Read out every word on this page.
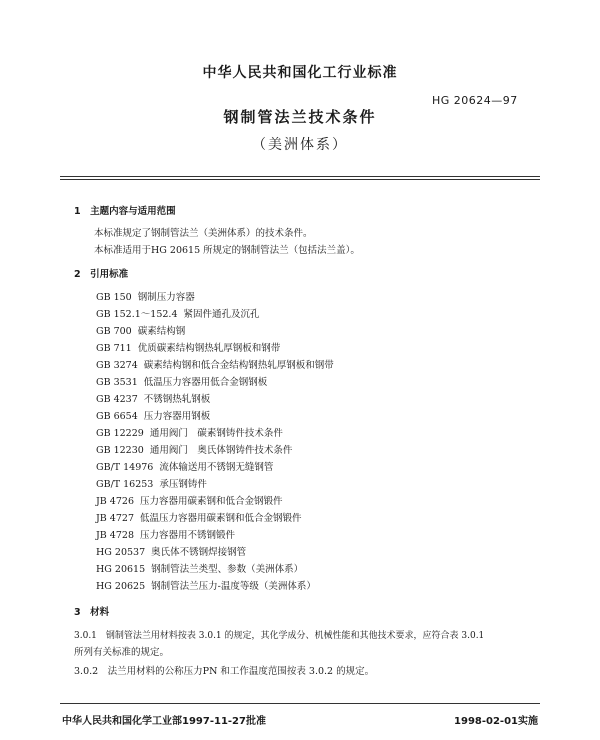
中华人民共和国化工行业标准
HG 20624—97
钢制管法兰技术条件
（美洲体系）
1　主题内容与适用范围
本标准规定了钢制管法兰（美洲体系）的技术条件。
本标准适用于HG 20615 所规定的钢制管法兰（包括法兰盖）。
2　引用标准
GB 150 钢制压力容器
GB 152.1～152.4 紧固件通孔及沉孔
GB 700 碳素结构钢
GB 711 优质碳素结构钢热轧厚钢板和钢带
GB 3274 碳素结构钢和低合金结构钢热轧厚钢板和钢带
GB 3531 低温压力容器用低合金钢钢板
GB 4237 不锈钢热轧钢板
GB 6654 压力容器用钢板
GB 12229 通用阀门　碳素钢铸件技术条件
GB 12230 通用阀门　奥氏体钢铸件技术条件
GB/T 14976 流体输送用不锈钢无缝钢管
GB/T 16253 承压钢铸件
JB 4726 压力容器用碳素钢和低合金钢锻件
JB 4727 低温压力容器用碳素钢和低合金钢锻件
JB 4728 压力容器用不锈钢锻件
HG 20537 奥氏体不锈钢焊接钢管
HG 20615 钢制管法兰类型、参数（美洲体系）
HG 20625 钢制管法兰压力-温度等级（美洲体系）
3　材料
3.0.1　钢制管法兰用材料按表 3.0.1 的规定，其化学成分、机械性能和其他技术要求，应符合表 3.0.1
所列有关标准的规定。
3.0.2　法兰用材料的公称压力PN 和工作温度范围按表 3.0.2 的规定。
中华人民共和国化学工业部1997-11-27批准	1998-02-01实施
